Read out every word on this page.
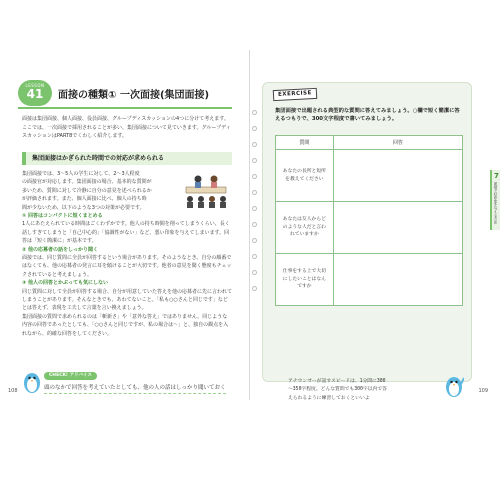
LESSON
41	面接の種類① 一次面接(集団面接)

面接は集団面接、個人面接、役員面接、グループディスカッションの4つに分けて考えます。ここでは、一次面接で採用されることが多い、集団面接について見ていきます。グループディスカッションはPART8でくわしく紹介します。

集団面接はかぎられた時間での対応が求められる
集団面接では、3〜5人の学生に対して、2〜3人程度
の面接官が対応します。集団面接の場合、基本的な質問が
多いため、質問に対して冷静に自分の意見を述べられるか
が評価されます。また、個人面接に比べ、個人の持ち時
間が少ないため、以下のような3つの対策が必要です。
① 回答はコンパクトに短くまとめる
1人にあたえられている時間はごくわずかです。他人の持ち時間を削ってしまうくらい、長く話しすぎてしまうと「自己中心的」「協調性がない」など、悪い印象を与えてしまいます。回答は「短く簡潔に」が基本です。
② 他の応募者の話をしっかり聞く
面接では、同じ質問に全員が回答するという場合があります。そのようなとき、自分の順番ではなくても、他の応募者の発言に耳を傾けることが大切です。他者の意見を聞く態度もチェックされていると考えましょう。
③ 他人の回答とかぶっても気にしない
同じ質問に対して全員が回答する場合、自分が用意していた答えを他の応募者に先に言われてしまうことがあります。そんなときでも、あわてないこと。「私も○○さんと同じです」などとは答えず、表現を工夫して言葉を言い換えましょう。
集団面接の質問で求められるのは「斬新さ」や「意外な答え」ではありません。同じような内容の回答であったとしても、「○○さんと同じですが、私の場合は〜」と、独自の観点を入れながら、的確な回答をしてください。
CHECK! アドバイス
頭のなかで回答を考えていたとしても、他の人の話はしっかり聞いておく
108
EXERCISE

集団面接で出題される典型的な質問に答えてみましょう。○欄で短く簡潔に答えるつもりで、300文字程度で書いてみましょう。

質問	回答
あなたの長所と短所を教えてください	
あなたは友人からどのような人だと言われていますか	
仕事をする上で大切にしたいことはなんですか	
アナウンサーが話すスピードは、1分間に300
〜350字程度。どんな質問でも300字以内で答
えられるように練習しておくといいよ
7
面接で好印象を与える方法
109
